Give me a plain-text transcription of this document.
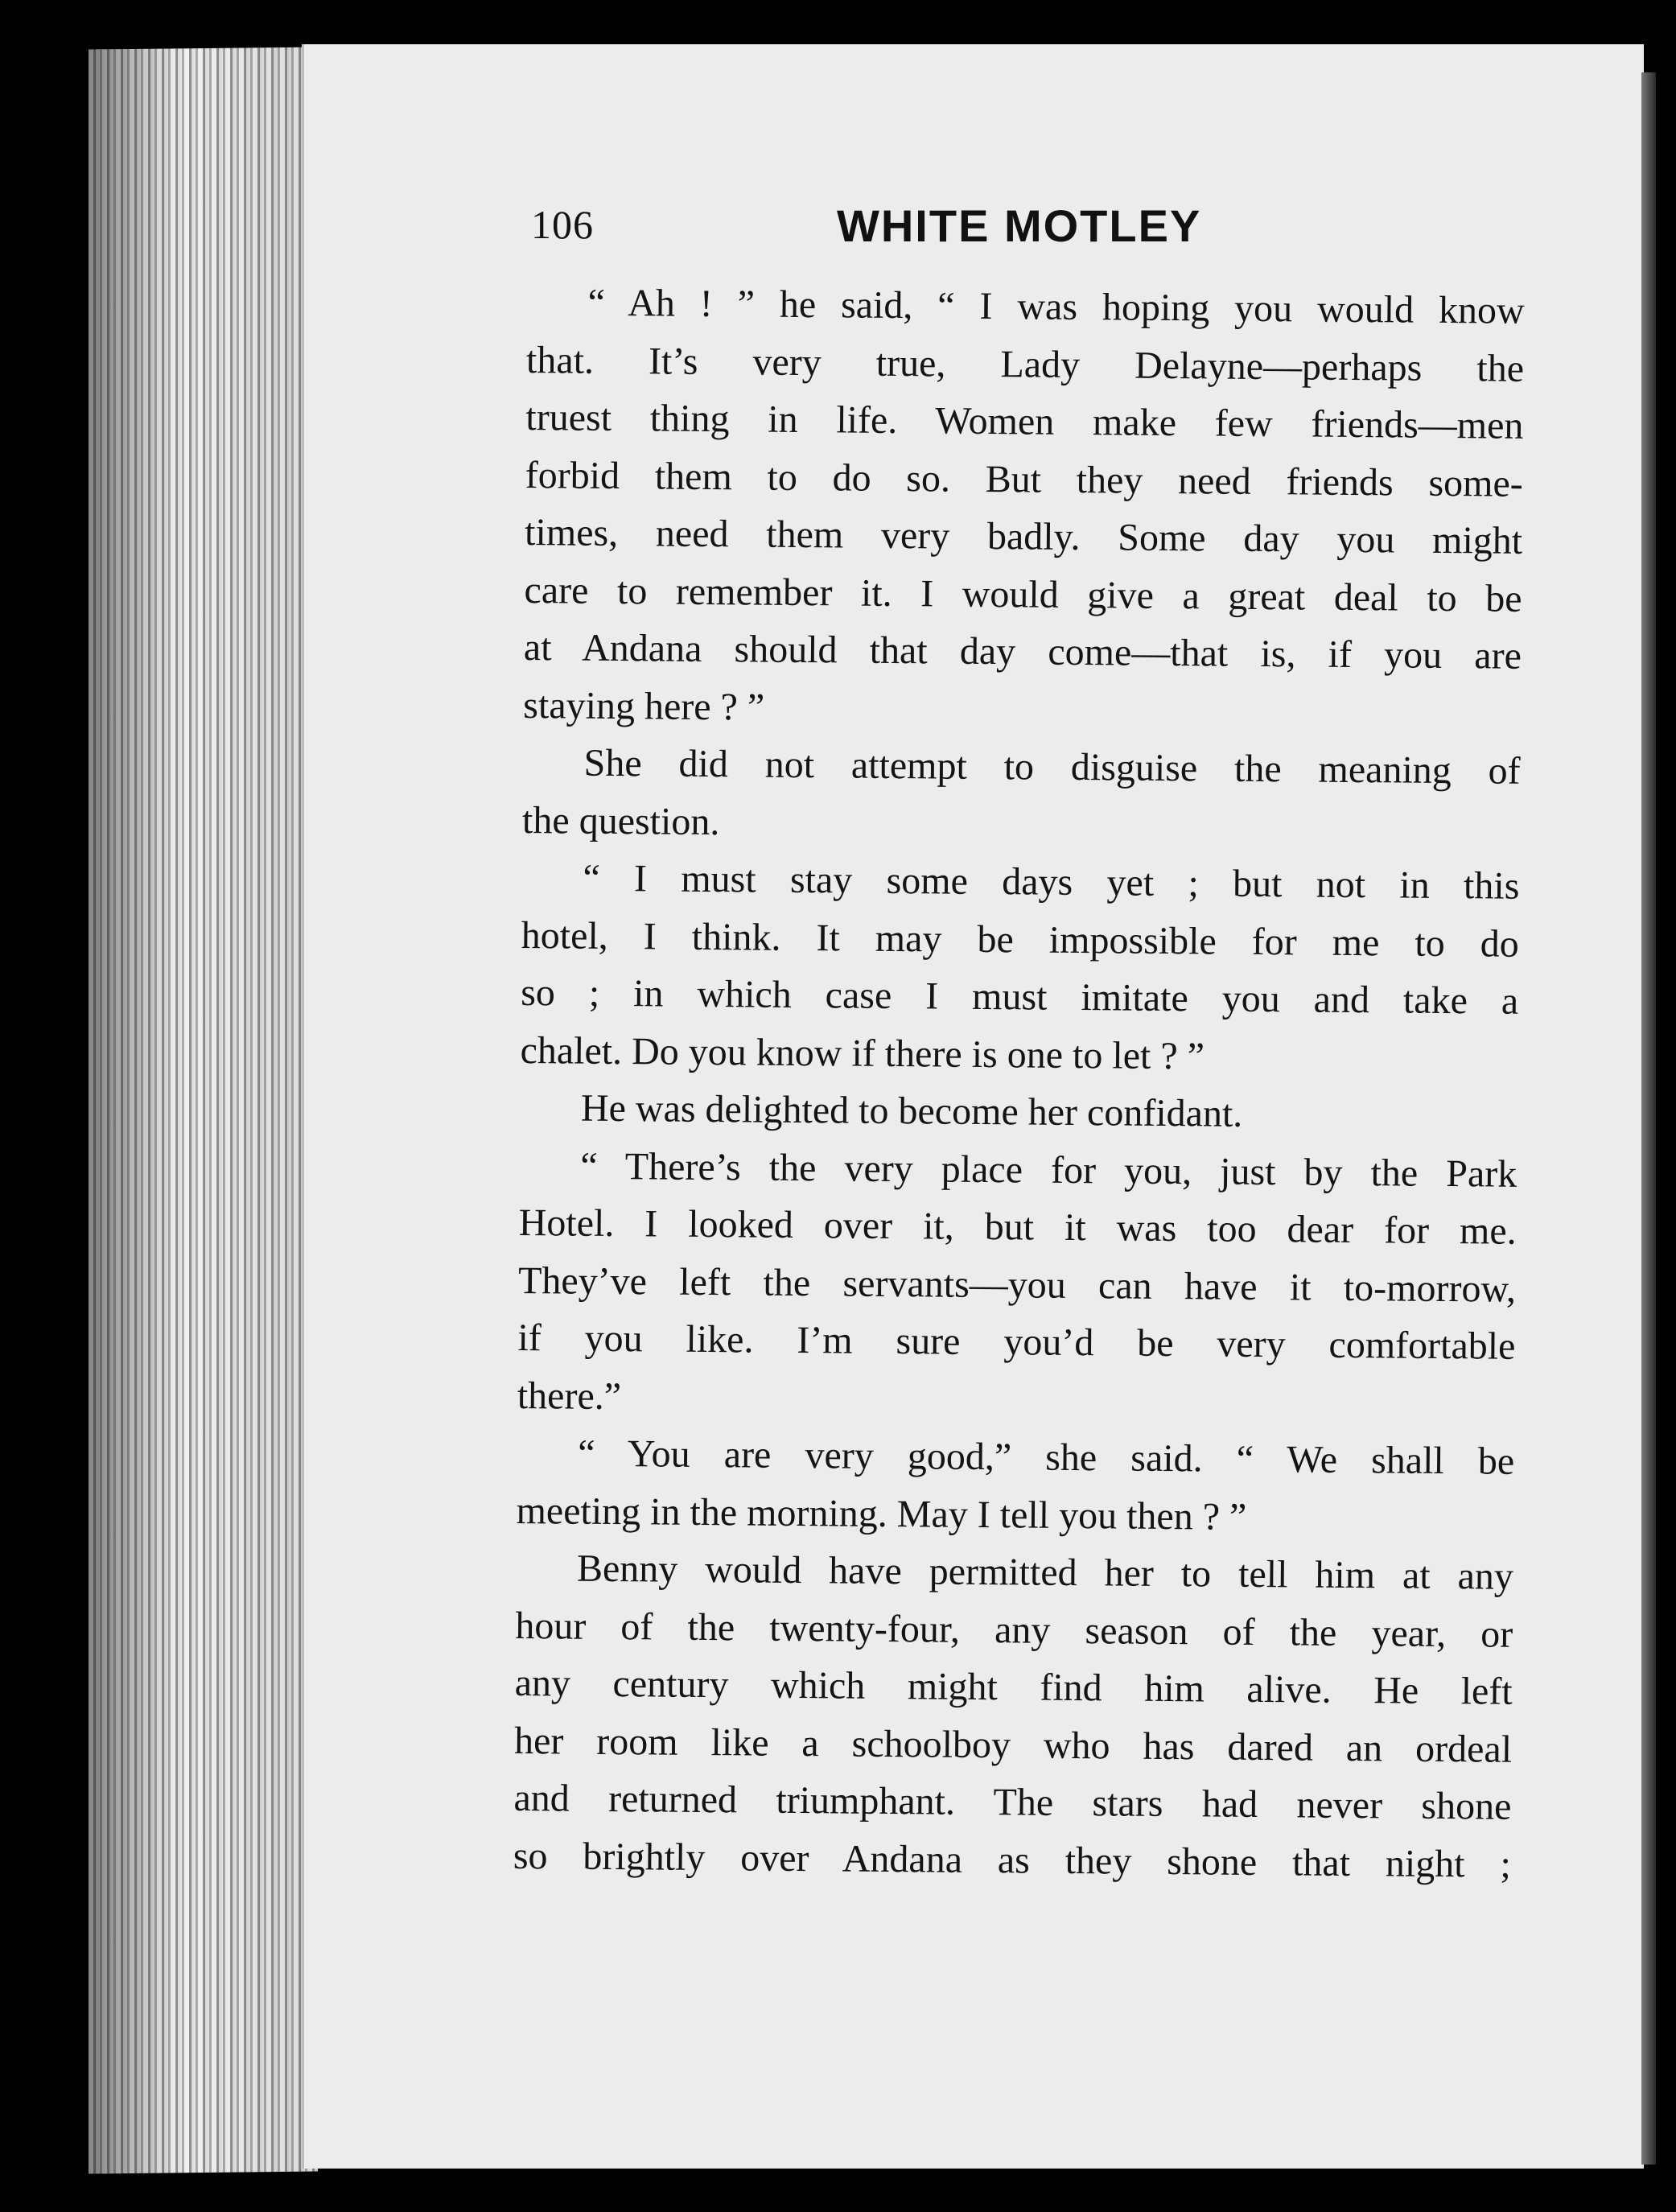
106	WHITE MOTLEY
“ Ah ! ” he said, “ I was hoping you would know
that. It’s very true, Lady Delayne—perhaps the
truest thing in life. Women make few friends—men
forbid them to do so. But they need friends some-
times, need them very badly. Some day you might
care to remember it. I would give a great deal to be
at Andana should that day come—that is, if you are
staying here ? ”
She did not attempt to disguise the meaning of
the question.
“ I must stay some days yet ; but not in this
hotel, I think. It may be impossible for me to do
so ; in which case I must imitate you and take a
chalet. Do you know if there is one to let ? ”
He was delighted to become her confidant.
“ There’s the very place for you, just by the Park
Hotel. I looked over it, but it was too dear for me.
They’ve left the servants—you can have it to-morrow,
if you like. I’m sure you’d be very comfortable
there.”
“ You are very good,” she said. “ We shall be
meeting in the morning. May I tell you then ? ”
Benny would have permitted her to tell him at any
hour of the twenty-four, any season of the year, or
any century which might find him alive. He left
her room like a schoolboy who has dared an ordeal
and returned triumphant. The stars had never shone
so brightly over Andana as they shone that night ;
